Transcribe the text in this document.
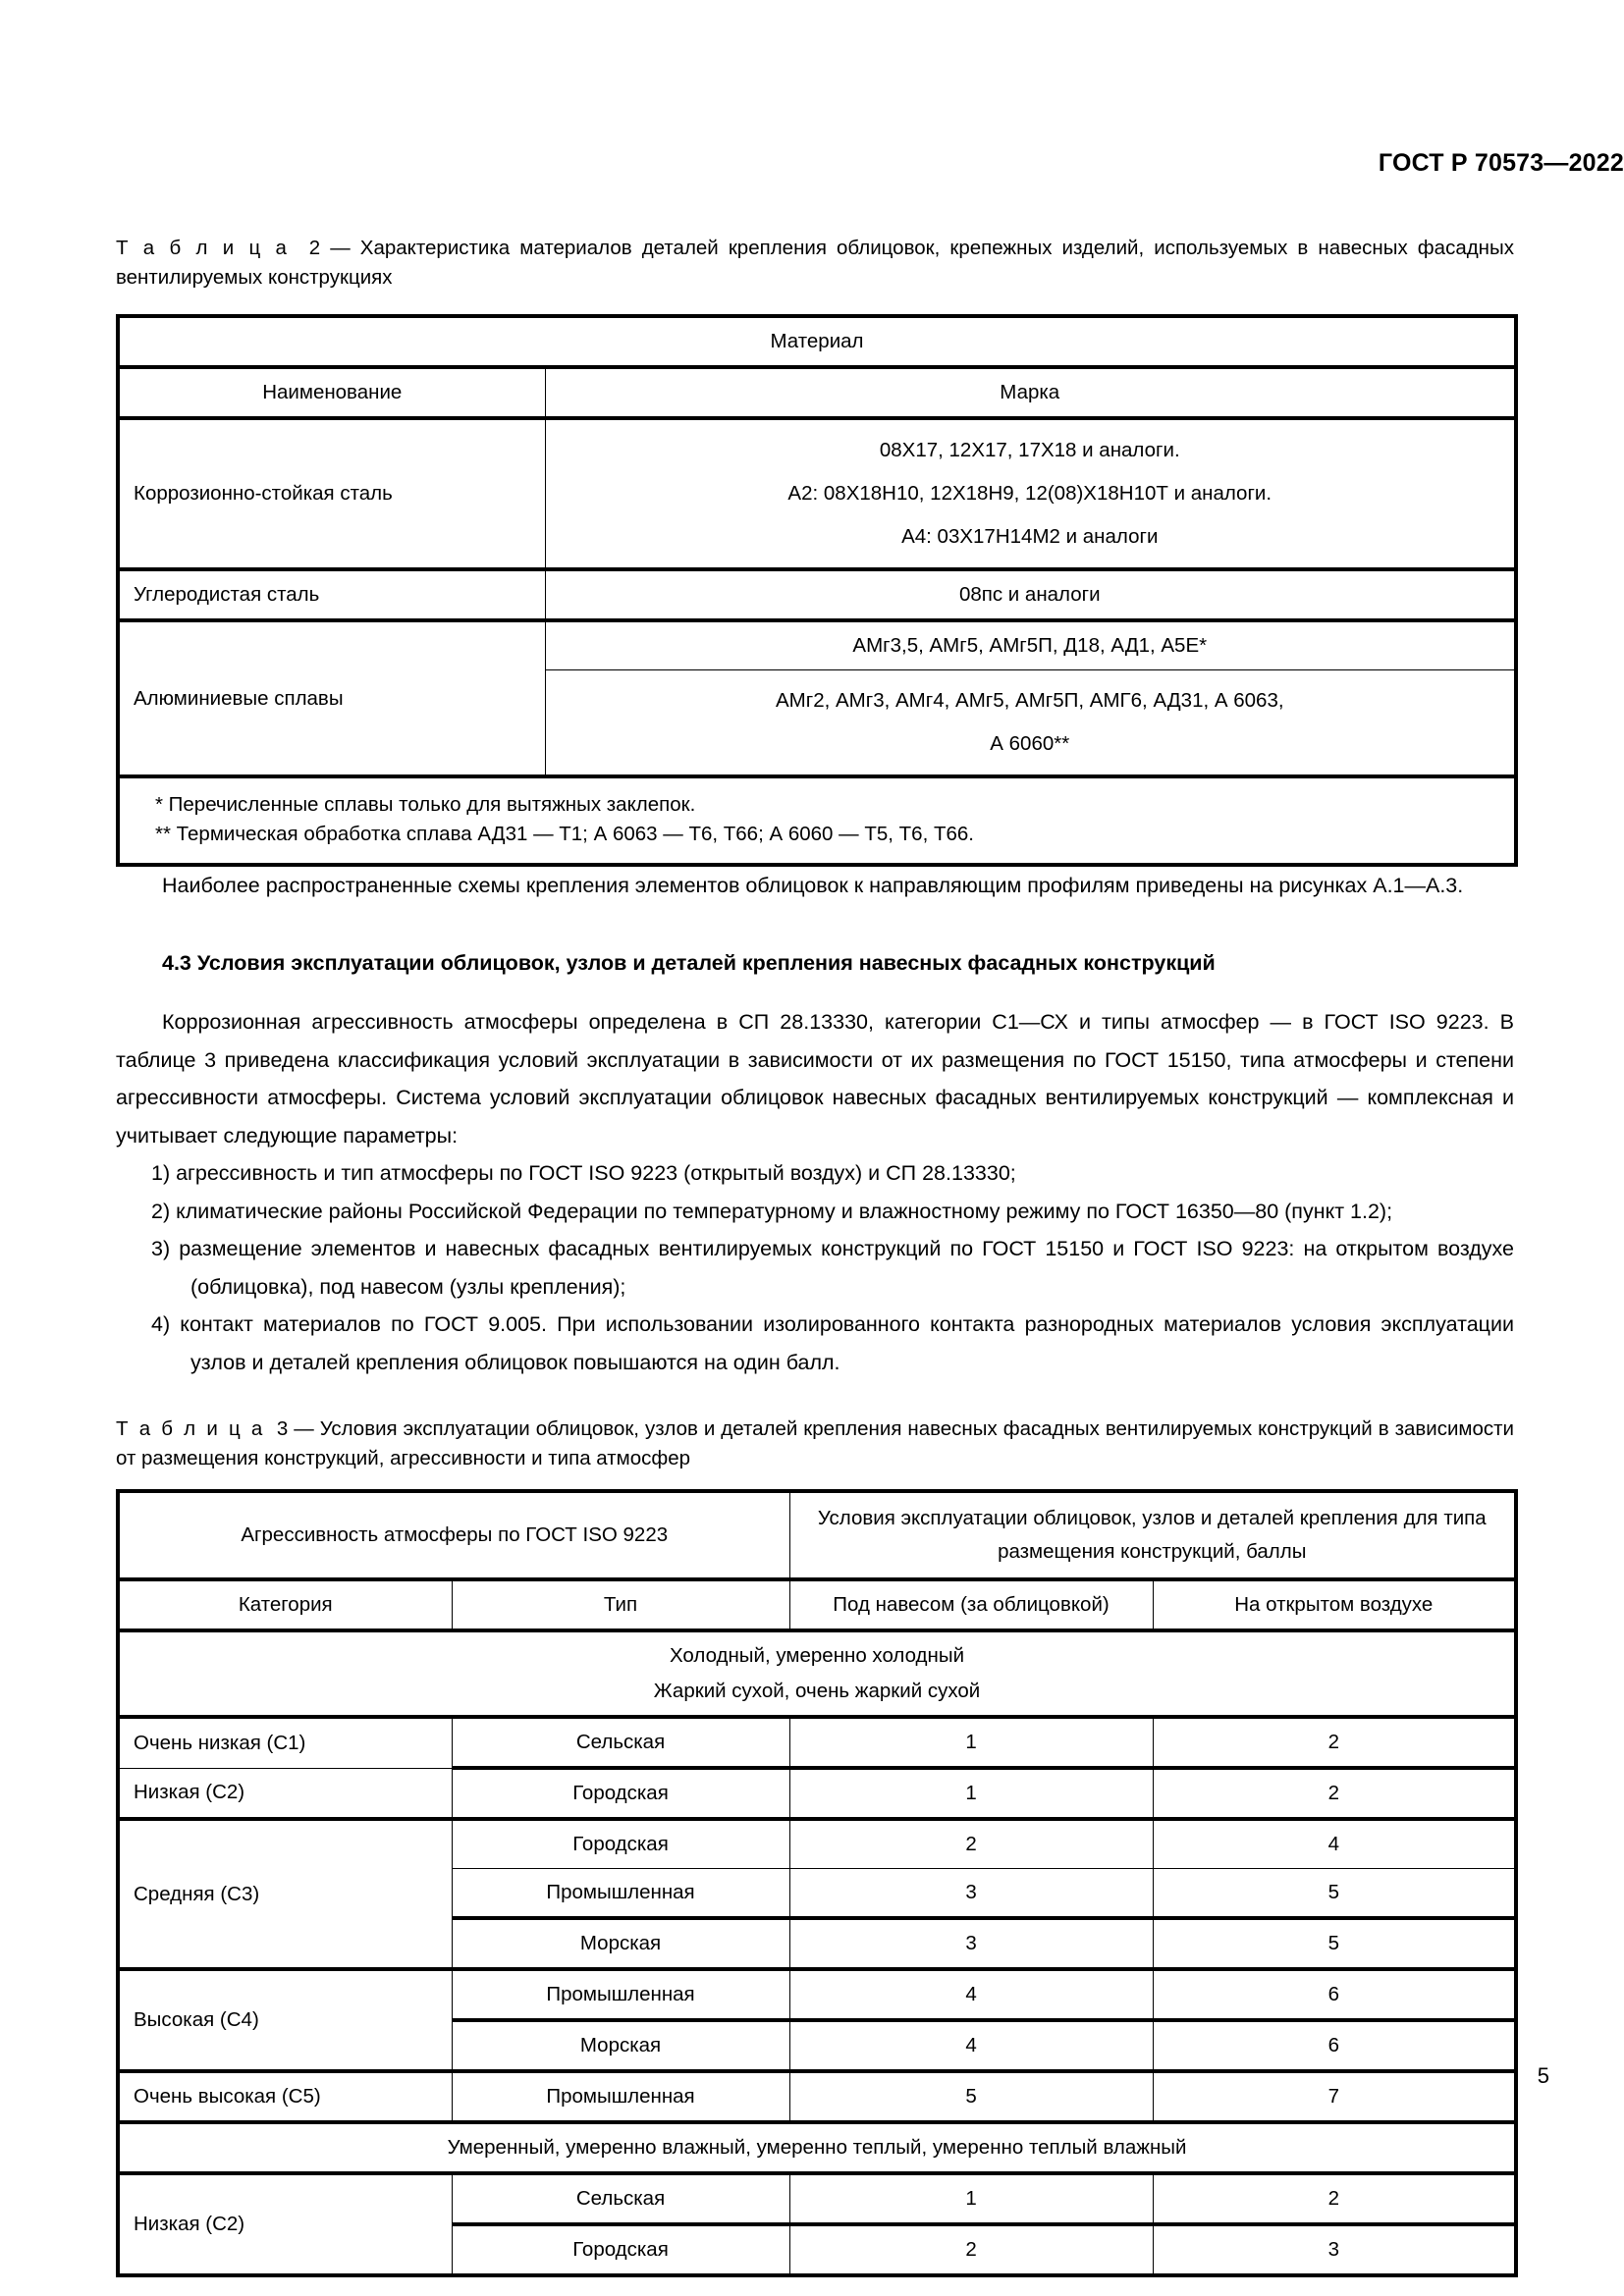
ГОСТ Р 70573—2022

Т а б л и ц а 2 — Характеристика материалов деталей крепления облицовок, крепежных изделий, используемых в навесных фасадных вентилируемых конструкциях

Материал	
Наименование	Марка
Коррозионно-стойкая сталь	08Х17, 12Х17, 17Х18 и аналоги.
А2: 08Х18Н10, 12Х18Н9, 12(08)Х18Н10Т и аналоги.
А4: 03Х17Н14М2 и аналоги

Углеродистая сталь	08пс и аналоги
Алюминиевые сплавы	АМг3,5, АМг5, АМг5П, Д18, АД1, А5Е*

	АМг2, АМг3, АМг4, АМг5, АМг5П, АМГ6, АД31, А 6063,
А 6060**

* Перечисленные сплавы только для вытяжных заклепок.
** Термическая обработка сплава АД31 — Т1; А 6063 — Т6, Т66; А 6060 — Т5, Т6, Т66.	

Наиболее распространенные схемы крепления элементов облицовок к направляющим профилям приведены на рисунках А.1—А.3.

4.3 Условия эксплуатации облицовок, узлов и деталей крепления навесных фасадных конструкций

Коррозионная агрессивность атмосферы определена в СП 28.13330, категории С1—СХ и типы атмосфер — в ГОСТ ISO 9223. В таблице 3 приведена классификация условий эксплуатации в зависимости от их размещения по ГОСТ 15150, типа атмосферы и степени агрессивности атмосферы. Система условий эксплуатации облицовок навесных фасадных вентилируемых конструкций — комплексная и учитывает следующие параметры:

1) агрессивность и тип атмосферы по ГОСТ ISO 9223 (открытый воздух) и СП 28.13330;
2) климатические районы Российской Федерации по температурному и влажностному режиму по ГОСТ 16350—80 (пункт 1.2);
3) размещение элементов и навесных фасадных вентилируемых конструкций по ГОСТ 15150 и ГОСТ ISO 9223: на открытом воздухе (облицовка), под навесом (узлы крепления);
4) контакт материалов по ГОСТ 9.005. При использовании изолированного контакта разнородных материалов условия эксплуатации узлов и деталей крепления облицовок повышаются на один балл.

Т а б л и ц а 3 — Условия эксплуатации облицовок, узлов и деталей крепления навесных фасадных вентилируемых конструкций в зависимости от размещения конструкций, агрессивности и типа атмосфер

Агрессивность атмосферы по ГОСТ ISO 9223		Условия эксплуатации облицовок, узлов и деталей крепления для типа размещения конструкций, баллы	
Категория	Тип	Под навесом (за облицовкой)	На открытом воздухе

Холодный, умеренно холодный
Жаркий сухой, очень жаркий сухой			

Очень низкая (С1)	Сельская	1	2
Низкая (С2)	Городская	1	2
Средняя (С3)	Городская	2	4
	Промышленная	3	5
	Морская	3	5
Высокая (С4)	Промышленная	4	6
	Морская	4	6
Очень высокая (С5)	Промышленная	5	7
Умеренный, умеренно влажный, умеренно теплый, умеренно теплый влажный			
Низкая (С2)	Сельская	1	2
	Городская	2	3
5
